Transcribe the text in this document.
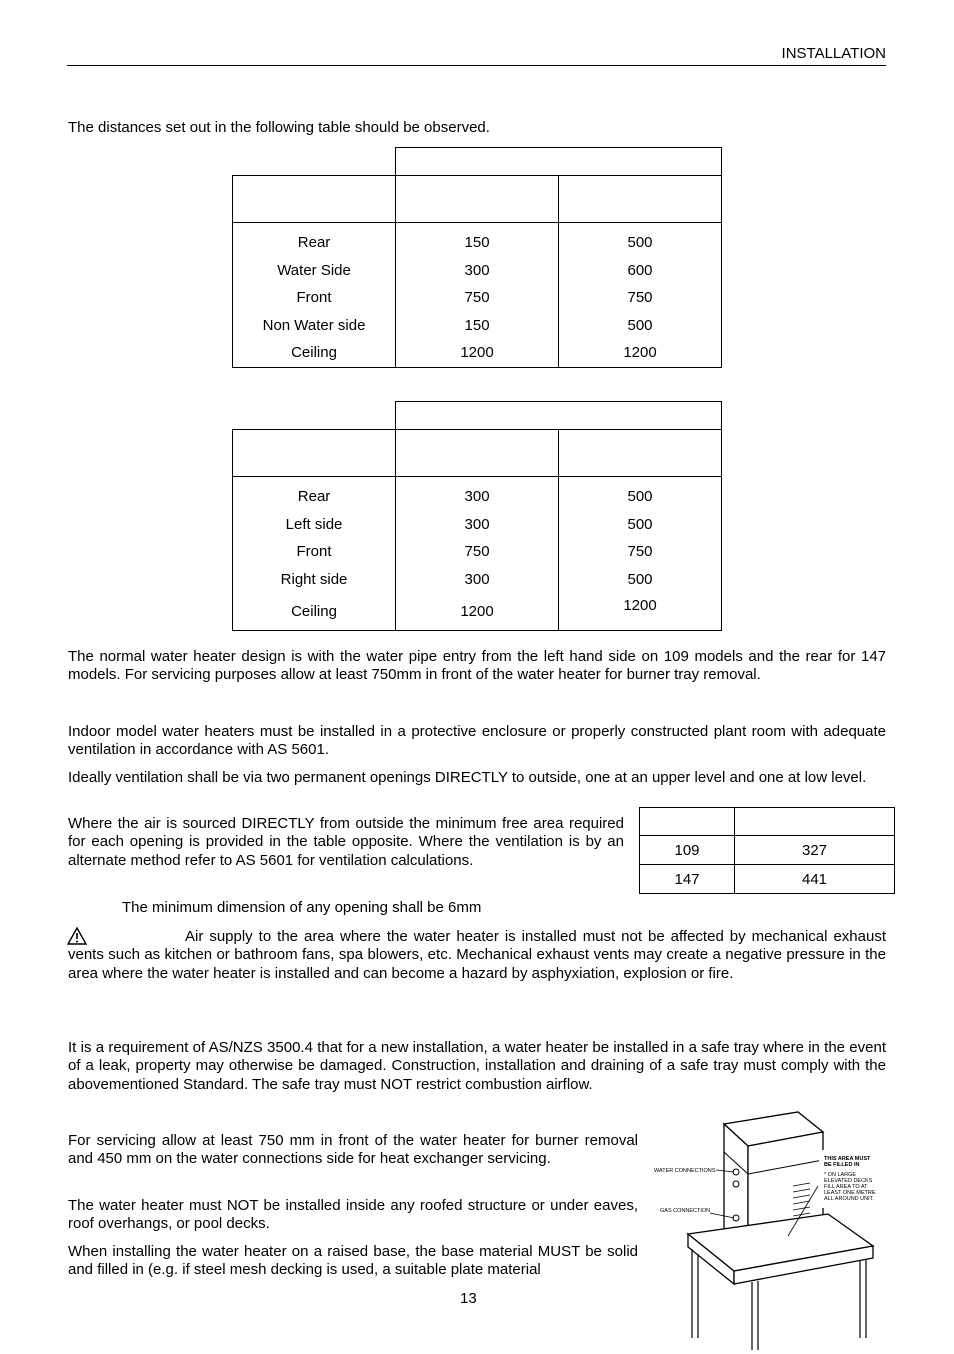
INSTALLATION
The distances set out in the following table should be observed.

Rear	150	500
Water Side	300	600
Front	750	750
Non Water side	150	500
Ceiling	1200	1200

Rear	300	500
Left side	300	500
Front	750	750
Right side	300	500
Ceiling	1200	1200
The normal water heater design is with the water pipe entry from the left hand side on 109 models and the rear for 147 models. For servicing purposes allow at least 750mm in front of the water heater for burner tray removal.
Indoor model water heaters must be installed in a protective enclosure or properly constructed plant room with adequate ventilation in accordance with AS 5601.
Ideally ventilation shall be via two permanent openings DIRECTLY to outside, one at an upper level and one at low level.
Where the air is sourced DIRECTLY from outside the minimum free area required for each opening is provided in the table opposite. Where the ventilation is by an alternate method refer to AS 5601 for ventilation calculations.

109	327
147	441
The minimum dimension of any opening shall be 6mm
Air supply to the area where the water heater is installed must not be affected by mechanical exhaust vents such as kitchen or bathroom fans, spa blowers, etc. Mechanical exhaust vents may create a negative pressure in the area where the water heater is installed and can become a hazard by asphyxiation, explosion or fire.
It is a requirement of AS/NZS 3500.4 that for a new installation, a water heater be installed in a safe tray where in the event of a leak, property may otherwise be damaged. Construction, installation and draining of a safe tray must comply with the abovementioned Standard. The safe tray must NOT restrict combustion airflow.
For servicing allow at least 750 mm in front of the water heater for burner removal and 450 mm on the water connections side for heat exchanger servicing.
The water heater must NOT be installed inside any roofed structure or under eaves, roof overhangs, or pool decks.
When installing the water heater on a raised base, the base material MUST be solid and filled in (e.g. if steel mesh decking is used, a suitable plate material
13
WATER CONNECTIONS
GAS CONNECTION
THIS AREA MUST
BE FILLED IN
* ON LARGE
ELEVATED DECKS
FILL AREA TO AT
LEAST ONE METRE
ALL AROUND UNIT.
